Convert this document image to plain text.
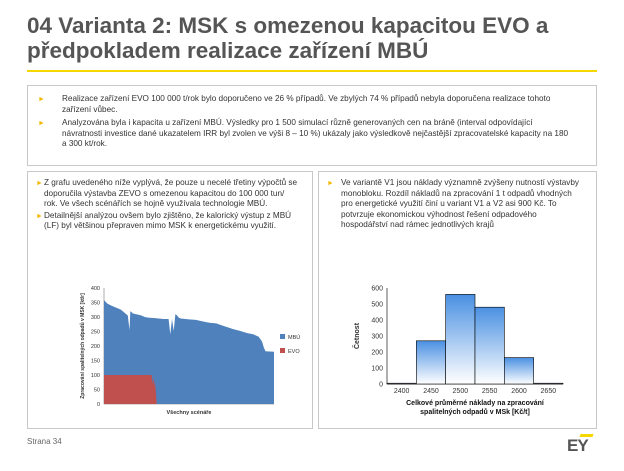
04 Varianta 2: MSK s omezenou kapacitou EVO a předpokladem realizace zařízení MBÚ
► Realizace zařízení EVO 100 000 t/rok bylo doporučeno ve 26 % případů. Ve zbylých 74 % případů nebyla doporučena realizace tohoto zařízení vůbec.
► Analyzována byla i kapacita u zařízení MBÚ. Výsledky pro 1 500 simulací různě generovaných cen na bráně (interval odpovídající návratnosti investice dané ukazatelem IRR byl zvolen ve výši 8 – 10 %) ukázaly jako výsledkově nejčastější zpracovatelské kapacity na 180 a 300 kt/rok.
► Z grafu uvedeného níže vyplývá, že pouze u necelé třetiny výpočtů se doporučila výstavba ZEVO s omezenou kapacitou do 100 000 tun/ rok. Ve všech scénářích se hojně využívala technologie MBÚ.
► Detailnější analýzou ovšem bylo zjištěno, že kalorický výstup z MBÚ (LF) byl většinou přepraven mimo MSK k energetickému využití.
0
50
100
150
200
250
300
350
400
Zpracování spalitelných odpadů v MSK [kt/r]
Všechny scénáře
MBÚ
EVO
► Ve variantě V1 jsou náklady významně zvýšeny nutností výstavby monobloku. Rozdíl nákladů na zpracování 1 t odpadů vhodných pro energetické využití činí u variant V1 a V2 asi 900 Kč. To potvrzuje ekonomickou výhodnost řešení odpadového hospodářství nad rámec jednotlivých krajů
0
100
200
300
400
500
600
2400 2450 2500 2550 2600 2650
Četnost
Celkové průměrné náklady na zpracování spalitelných odpadů v MSk [Kč/t]
Strana 34	EY
